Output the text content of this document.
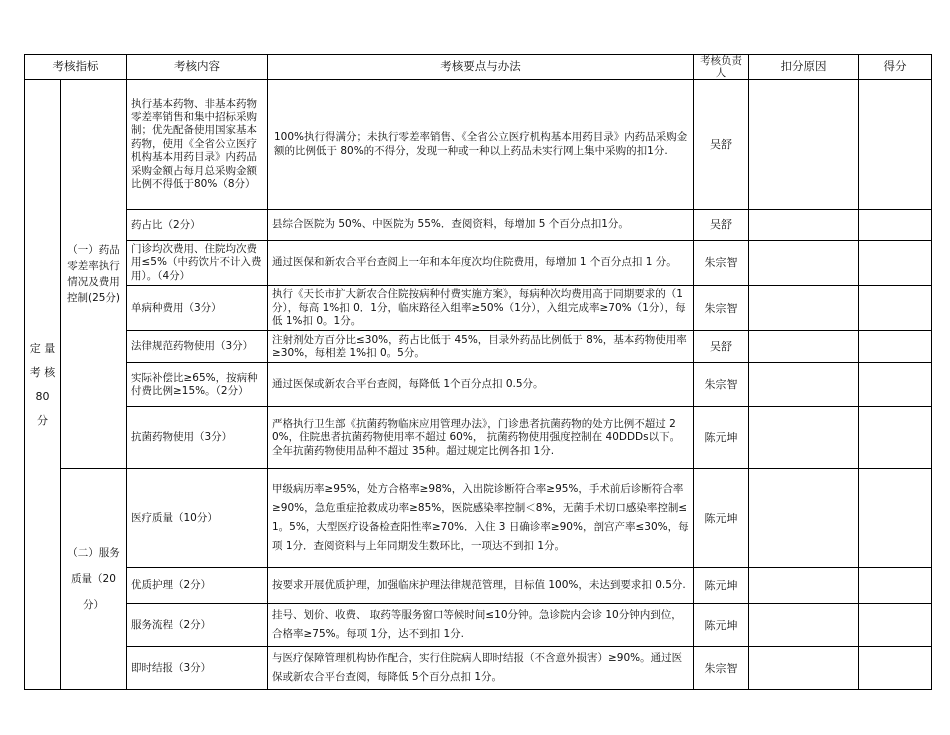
考核指标		考核内容	考核要点与办法	考核负责人	扣分原因	得分
定 量 考 核 80 分	（一）药品零差率执行情况及费用控制(25分)	执行基本药物、非基本药物零差率销售和集中招标采购制；优先配备使用国家基本药物，使用《全省公立医疗机构基本用药目录》内药品采购金额占每月总采购金额比例不得低于80%（8分）	100%执行得满分；未执行零差率销售、《全省公立医疗机构基本用药目录》内药品采购金额的比例低于 80%的不得分，发现一种或一种以上药品未实行网上集中采购的扣1分.	吴舒		
		药占比（2分）	县综合医院为 50%、中医院为 55%．查阅资料，每增加 5 个百分点扣1分。	吴舒		
		门诊均次费用、住院均次费用≤5%（中药饮片不计入费用）。（4分）	通过医保和新农合平台查阅上一年和本年度次均住院费用，每增加 1 个百分点扣 1 分。	朱宗智		
		单病种费用（3分）	执行《天长市扩大新农合住院按病种付费实施方案》，每病种次均费用高于同期要求的（1分），每高 1%扣 0．1分，临床路径入组率≥50%（1分），入组完成率≥70%（1分），每低 1%扣 0。1分。	朱宗智		
		法律规范药物使用（3分）	注射剂处方百分比≤30%，药占比低于 45%，目录外药品比例低于 8%，基本药物使用率≥30%，每相差 1%扣 0。5分。	吴舒		
		实际补偿比≥65%，按病种付费比例≥15%。（2分）	通过医保或新农合平台查阅，每降低 1个百分点扣 0.5分。	朱宗智		
		抗菌药物使用（3分）	严格执行卫生部《抗菌药物临床应用管理办法》，门诊患者抗菌药物的处方比例不超过 20%，住院患者抗菌药物使用率不超过 60%， 抗菌药物使用强度控制在 40DDDs以下。全年抗菌药物使用品种不超过 35种。超过规定比例各扣 1分.	陈元坤		
	（二）服务质量（20分）	医疗质量（10分）	甲级病历率≥95%，处方合格率≥98%，入出院诊断符合率≥95%，手术前后诊断符合率≥90%，急危重症抢救成功率≥85%，医院感染率控制＜8%，无菌手术切口感染率控制≤1。5%，大型医疗设备检查阳性率≥70%．入住 3 日确诊率≥90%，剖宫产率≤30%，每项 1分．查阅资料与上年同期发生数环比，一项达不到扣 1分。	陈元坤		
		优质护理（2分）	按要求开展优质护理，加强临床护理法律规范管理，目标值 100%，未达到要求扣 0.5分.	陈元坤		
		服务流程（2分）	挂号、划价、收费、 取药等服务窗口等候时间≤10分钟。急诊院内会诊 10分钟内到位，合格率≥75%。每项 1分，达不到扣 1分.	陈元坤		
		即时结报（3分）	与医疗保障管理机构协作配合，实行住院病人即时结报（不含意外损害）≥90%。通过医保或新农合平台查阅，每降低 5个百分点扣 1分。	朱宗智		
